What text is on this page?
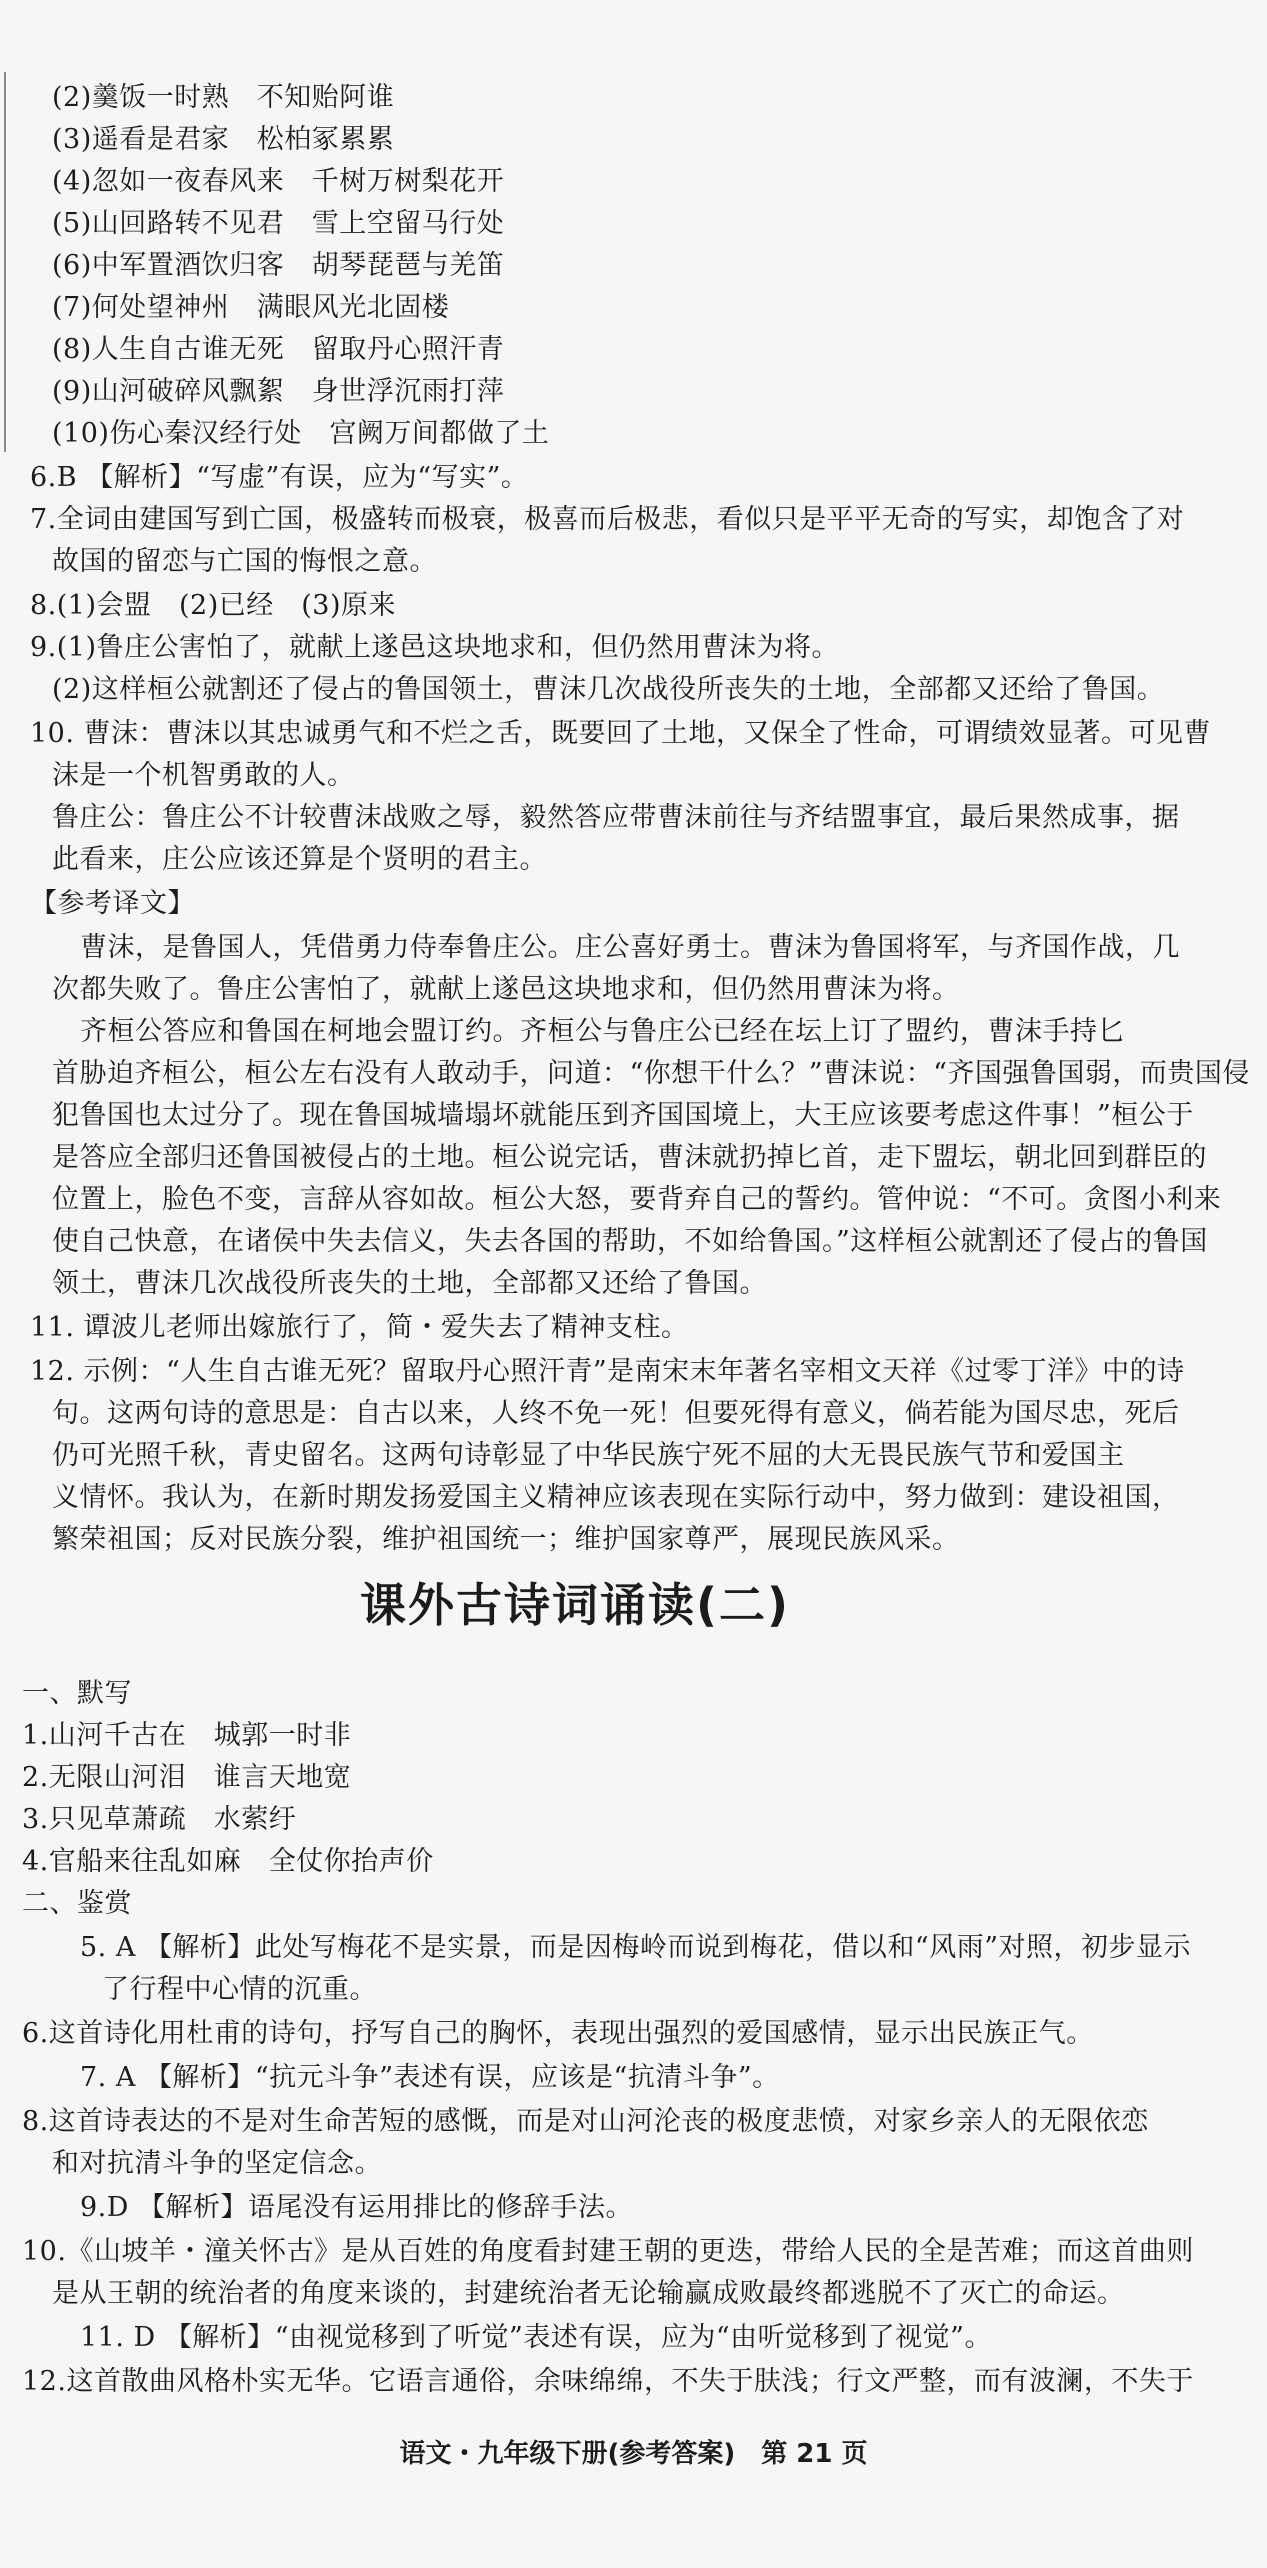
(2)羹饭一时熟　不知贻阿谁
(3)遥看是君家　松柏冢累累
(4)忽如一夜春风来　千树万树梨花开
(5)山回路转不见君　雪上空留马行处
(6)中军置酒饮归客　胡琴琵琶与羌笛
(7)何处望神州　满眼风光北固楼
(8)人生自古谁无死　留取丹心照汗青
(9)山河破碎风飘絮　身世浮沉雨打萍
(10)伤心秦汉经行处　宫阙万间都做了土
6.B 【解析】“写虚”有误，应为“写实”。
7.全词由建国写到亡国，极盛转而极衰，极喜而后极悲，看似只是平平无奇的写实，却饱含了对
故国的留恋与亡国的悔恨之意。
8.(1)会盟　(2)已经　(3)原来
9.(1)鲁庄公害怕了，就献上遂邑这块地求和，但仍然用曹沫为将。
(2)这样桓公就割还了侵占的鲁国领土，曹沫几次战役所丧失的土地，全部都又还给了鲁国。
10. 曹沫：曹沫以其忠诚勇气和不烂之舌，既要回了土地，又保全了性命，可谓绩效显著。可见曹
沫是一个机智勇敢的人。
鲁庄公：鲁庄公不计较曹沫战败之辱，毅然答应带曹沫前往与齐结盟事宜，最后果然成事，据
此看来，庄公应该还算是个贤明的君主。
【参考译文】
曹沫，是鲁国人，凭借勇力侍奉鲁庄公。庄公喜好勇士。曹沫为鲁国将军，与齐国作战，几
次都失败了。鲁庄公害怕了，就献上遂邑这块地求和，但仍然用曹沫为将。
齐桓公答应和鲁国在柯地会盟订约。齐桓公与鲁庄公已经在坛上订了盟约，曹沫手持匕
首胁迫齐桓公，桓公左右没有人敢动手，问道：“你想干什么？”曹沫说：“齐国强鲁国弱，而贵国侵
犯鲁国也太过分了。现在鲁国城墙塌坏就能压到齐国国境上，大王应该要考虑这件事！”桓公于
是答应全部归还鲁国被侵占的土地。桓公说完话，曹沫就扔掉匕首，走下盟坛，朝北回到群臣的
位置上，脸色不变，言辞从容如故。桓公大怒，要背弃自己的誓约。管仲说：“不可。贪图小利来
使自己快意，在诸侯中失去信义，失去各国的帮助，不如给鲁国。”这样桓公就割还了侵占的鲁国
领土，曹沫几次战役所丧失的土地，全部都又还给了鲁国。
11. 谭波儿老师出嫁旅行了，简・爱失去了精神支柱。
12. 示例：“人生自古谁无死？留取丹心照汗青”是南宋末年著名宰相文天祥《过零丁洋》中的诗
句。这两句诗的意思是：自古以来，人终不免一死！但要死得有意义，倘若能为国尽忠，死后
仍可光照千秋，青史留名。这两句诗彰显了中华民族宁死不屈的大无畏民族气节和爱国主
义情怀。我认为，在新时期发扬爱国主义精神应该表现在实际行动中，努力做到：建设祖国，
繁荣祖国；反对民族分裂，维护祖国统一；维护国家尊严，展现民族风采。
课外古诗词诵读(二)
一、默写
1.山河千古在　城郭一时非
2.无限山河泪　谁言天地宽
3.只见草萧疏　水萦纡
4.官船来往乱如麻　全仗你抬声价
二、鉴赏
5. A 【解析】此处写梅花不是实景，而是因梅岭而说到梅花，借以和“风雨”对照，初步显示
了行程中心情的沉重。
6.这首诗化用杜甫的诗句，抒写自己的胸怀，表现出强烈的爱国感情，显示出民族正气。
7. A 【解析】“抗元斗争”表述有误，应该是“抗清斗争”。
8.这首诗表达的不是对生命苦短的感慨，而是对山河沦丧的极度悲愤，对家乡亲人的无限依恋
和对抗清斗争的坚定信念。
9.D 【解析】语尾没有运用排比的修辞手法。
10.《山坡羊・潼关怀古》是从百姓的角度看封建王朝的更迭，带给人民的全是苦难；而这首曲则
是从王朝的统治者的角度来谈的，封建统治者无论输赢成败最终都逃脱不了灭亡的命运。
11. D 【解析】“由视觉移到了听觉”表述有误，应为“由听觉移到了视觉”。
12.这首散曲风格朴实无华。它语言通俗，余味绵绵，不失于肤浅；行文严整，而有波澜，不失于
语文・九年级下册(参考答案)　第 21 页
